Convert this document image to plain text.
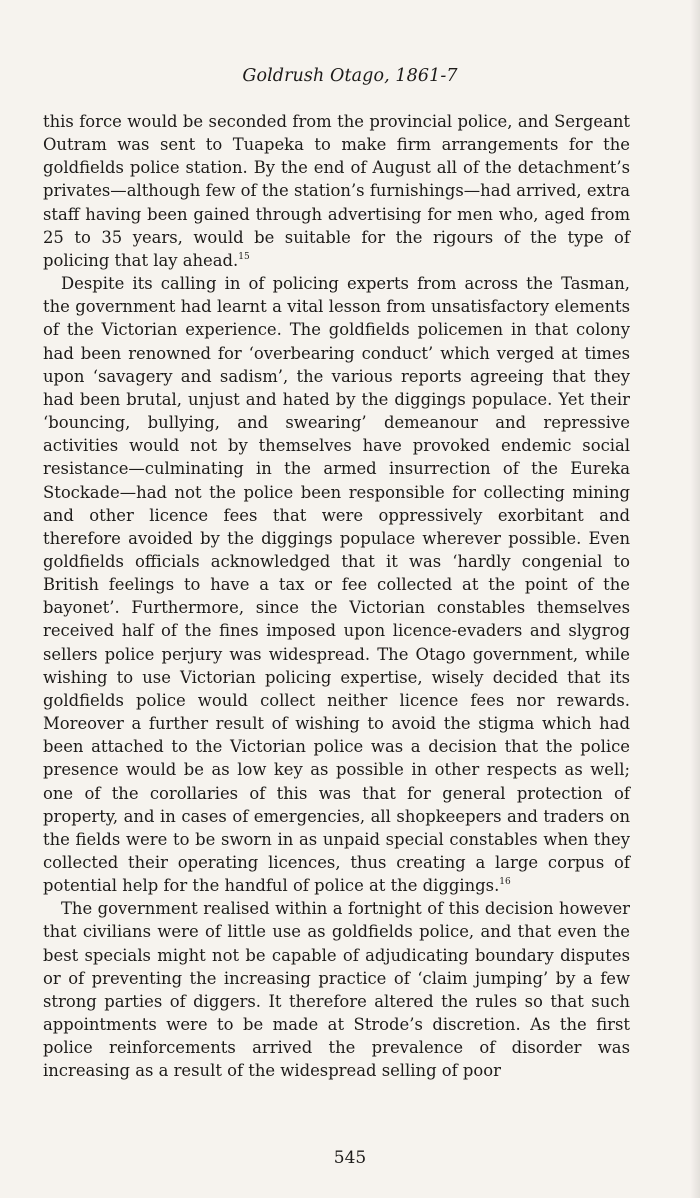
Goldrush Otago, 1861-7

this force would be seconded from the provincial police, and Sergeant Outram was sent to Tuapeka to make firm arrangements for the goldfields police station. By the end of August all of the detachment’s privates—although few of the station’s furnishings—had arrived, extra staff having been gained through advertising for men who, aged from 25 to 35 years, would be suitable for the rigours of the type of policing that lay ahead.$^{15}$

Despite its calling in of policing experts from across the Tasman, the government had learnt a vital lesson from unsatisfactory elements of the Victorian experience. The goldfields policemen in that colony had been renowned for ‘overbearing conduct’ which verged at times upon ‘savagery and sadism’, the various reports agreeing that they had been brutal, unjust and hated by the diggings populace. Yet their ‘bouncing, bullying, and swearing’ demeanour and repressive activities would not by themselves have provoked endemic social resistance—culminating in the armed insurrection of the Eureka Stockade—had not the police been responsible for collecting mining and other licence fees that were oppressively exorbitant and therefore avoided by the diggings populace wherever possible. Even goldfields officials acknowledged that it was ‘hardly congenial to British feelings to have a tax or fee collected at the point of the bayonet’. Furthermore, since the Victorian constables themselves received half of the fines imposed upon licence-evaders and slygrog sellers police perjury was widespread. The Otago government, while wishing to use Victorian policing expertise, wisely decided that its goldfields police would collect neither licence fees nor rewards. Moreover a further result of wishing to avoid the stigma which had been attached to the Victorian police was a decision that the police presence would be as low key as possible in other respects as well; one of the corollaries of this was that for general protection of property, and in cases of emergencies, all shopkeepers and traders on the fields were to be sworn in as unpaid special constables when they collected their operating licences, thus creating a large corpus of potential help for the handful of police at the diggings.$^{16}$

The government realised within a fortnight of this decision however that civilians were of little use as goldfields police, and that even the best specials might not be capable of adjudicating boundary disputes or of preventing the increasing practice of ‘claim jumping’ by a few strong parties of diggers. It therefore altered the rules so that such appointments were to be made at Strode’s discretion. As the first police reinforcements arrived the prevalence of disorder was increasing as a result of the widespread selling of poor

545
